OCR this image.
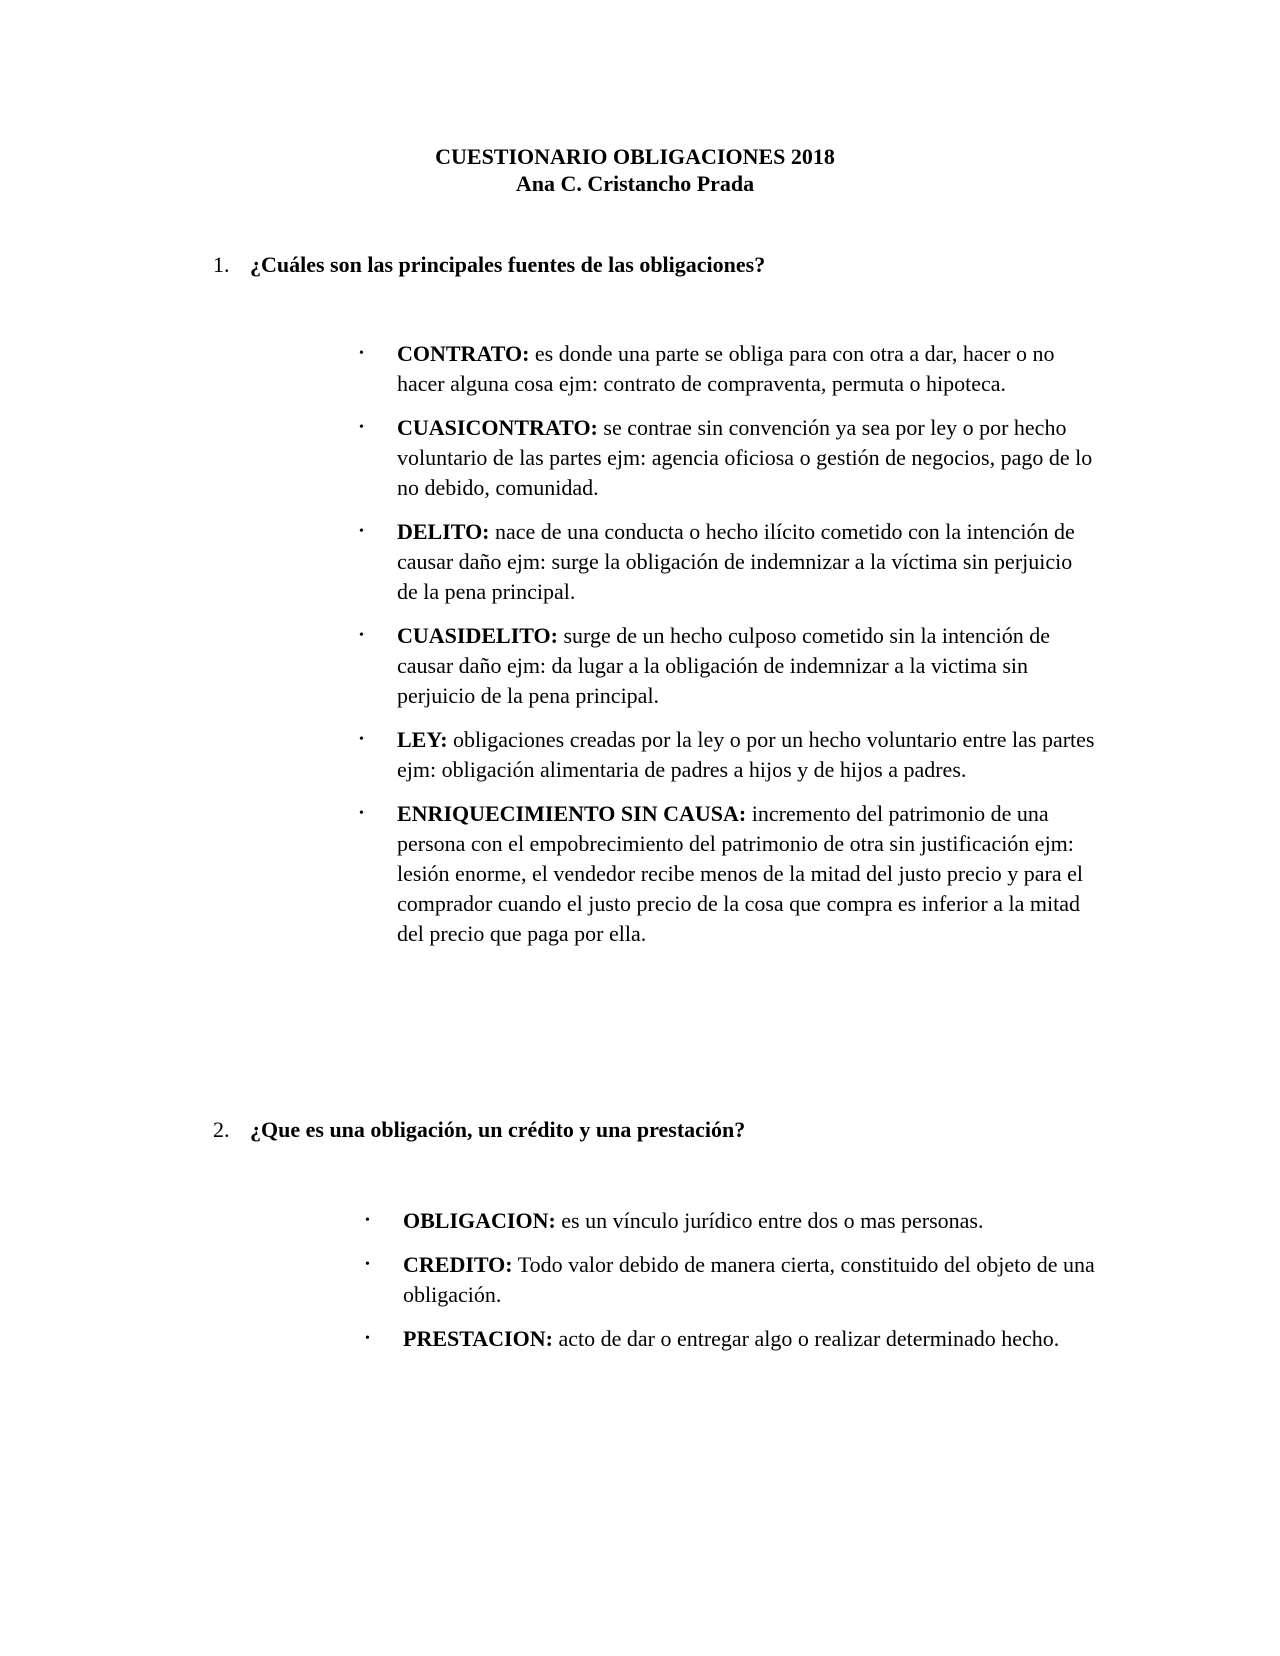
CUESTIONARIO OBLIGACIONES 2018
Ana C. Cristancho Prada
1. ¿Cuáles son las principales fuentes de las obligaciones?
• CONTRATO: es donde una parte se obliga para con otra a dar, hacer o no hacer alguna cosa ejm: contrato de compraventa, permuta o hipoteca.
• CUASICONTRATO: se contrae sin convención ya sea por ley o por hecho voluntario de las partes ejm: agencia oficiosa o gestión de negocios, pago de lo no debido, comunidad.
• DELITO: nace de una conducta o hecho ilícito cometido con la intención de causar daño ejm: surge la obligación de indemnizar a la víctima sin perjuicio de la pena principal.
• CUASIDELITO: surge de un hecho culposo cometido sin la intención de causar daño ejm: da lugar a la obligación de indemnizar a la victima sin perjuicio de la pena principal.
• LEY: obligaciones creadas por la ley o por un hecho voluntario entre las partes ejm: obligación alimentaria de padres a hijos y de hijos a padres.
• ENRIQUECIMIENTO SIN CAUSA: incremento del patrimonio de una persona con el empobrecimiento del patrimonio de otra sin justificación ejm: lesión enorme, el vendedor recibe menos de la mitad del justo precio y para el comprador cuando el justo precio de la cosa que compra es inferior a la mitad del precio que paga por ella.
2. ¿Que es una obligación, un crédito y una prestación?
• OBLIGACION: es un vínculo jurídico entre dos o mas personas.
• CREDITO: Todo valor debido de manera cierta, constituido del objeto de una obligación.
• PRESTACION: acto de dar o entregar algo o realizar determinado hecho.
